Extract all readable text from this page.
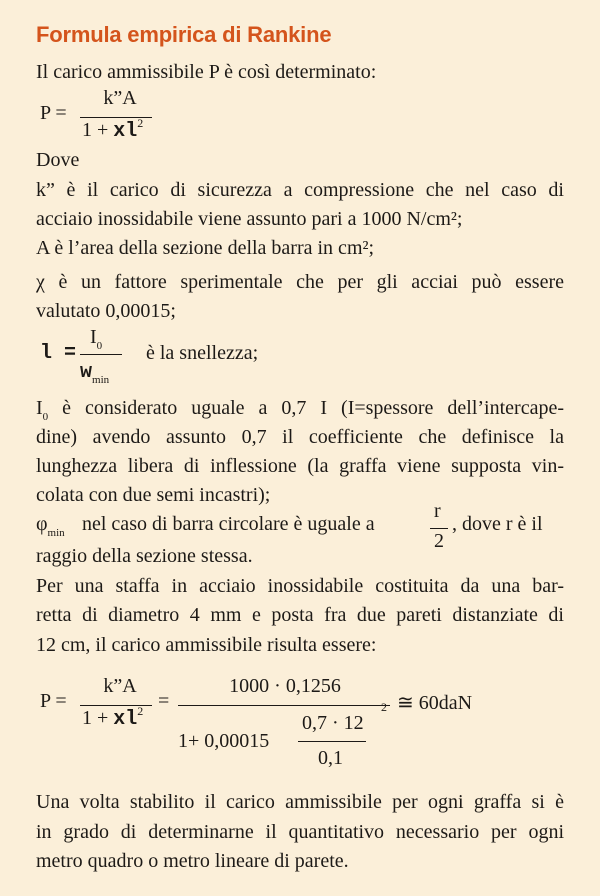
Formula empirica di Rankine
Il carico ammissibile P è così determinato:
P =
k”A
$1 + xl^2$
Dove
k” è il carico di sicurezza a compressione che nel caso di
acciaio inossidabile viene assunto pari a 1000 N/cm²;
A è l’area della sezione della barra in cm²;
χ è un fattore sperimentale che per gli acciai può essere
valutato 0,00015;
l =
$I_0$
$w_{min}$
è la snellezza;
$I_0$ è considerato uguale a 0,7 I (I=spessore dell’intercape-
dine) avendo assunto 0,7 il coefficiente che definisce la
lunghezza libera di inflessione (la graffa viene supposta vin-
colata con due semi incastri);
$\varphi_{min}$ nel caso di barra circolare è uguale a
r
2
, dove r è il
raggio della sezione stessa.
Per una staffa in acciaio inossidabile costituita da una bar-
retta di diametro 4 mm e posta fra due pareti distanziate di
12 cm, il carico ammissibile risulta essere:
P =
k”A
$1 + xl^2$ =
1000 · 0,1256
1+ 0,00015
0,7 · 12
0,1
2 ≅ 60daN
Una volta stabilito il carico ammissibile per ogni graffa si è
in grado di determinarne il quantitativo necessario per ogni
metro quadro o metro lineare di parete.
